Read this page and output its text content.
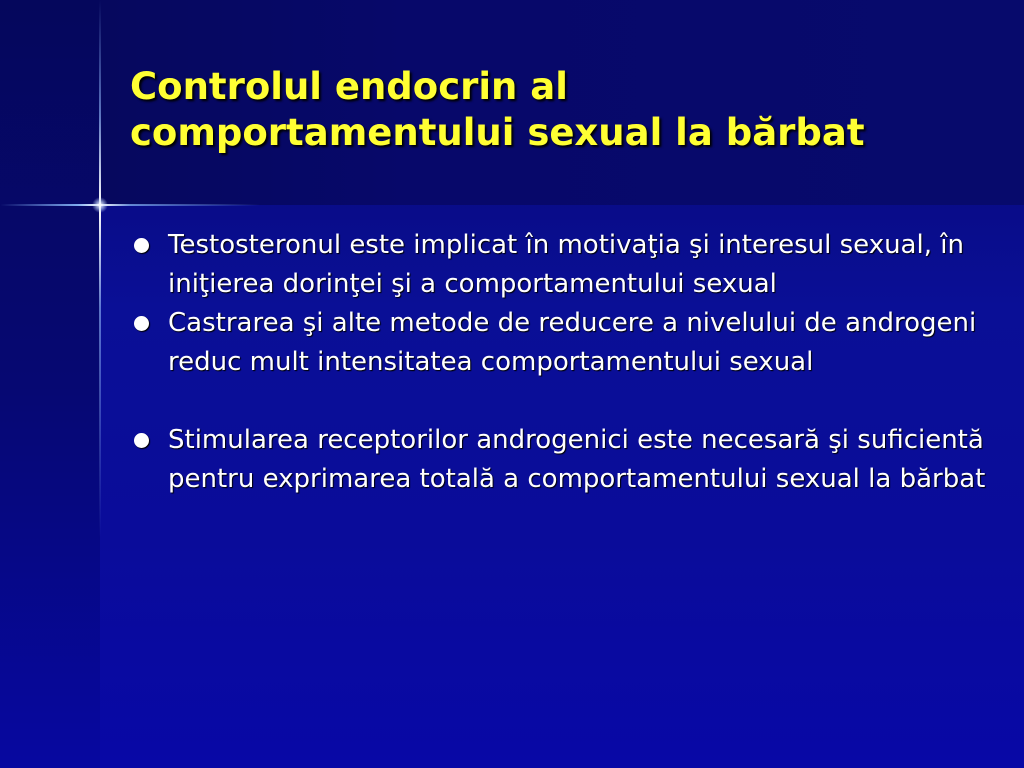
Controlul endocrin al
comportamentului sexual la bărbat
Testosteronul este implicat în motivaţia şi interesul sexual, în iniţierea dorinţei şi a comportamentului sexual
Castrarea şi alte metode de reducere a nivelului de androgeni reduc mult intensitatea comportamentului sexual
Stimularea receptorilor androgenici este necesară şi suficientă pentru exprimarea totală a comportamentului sexual la bărbat
